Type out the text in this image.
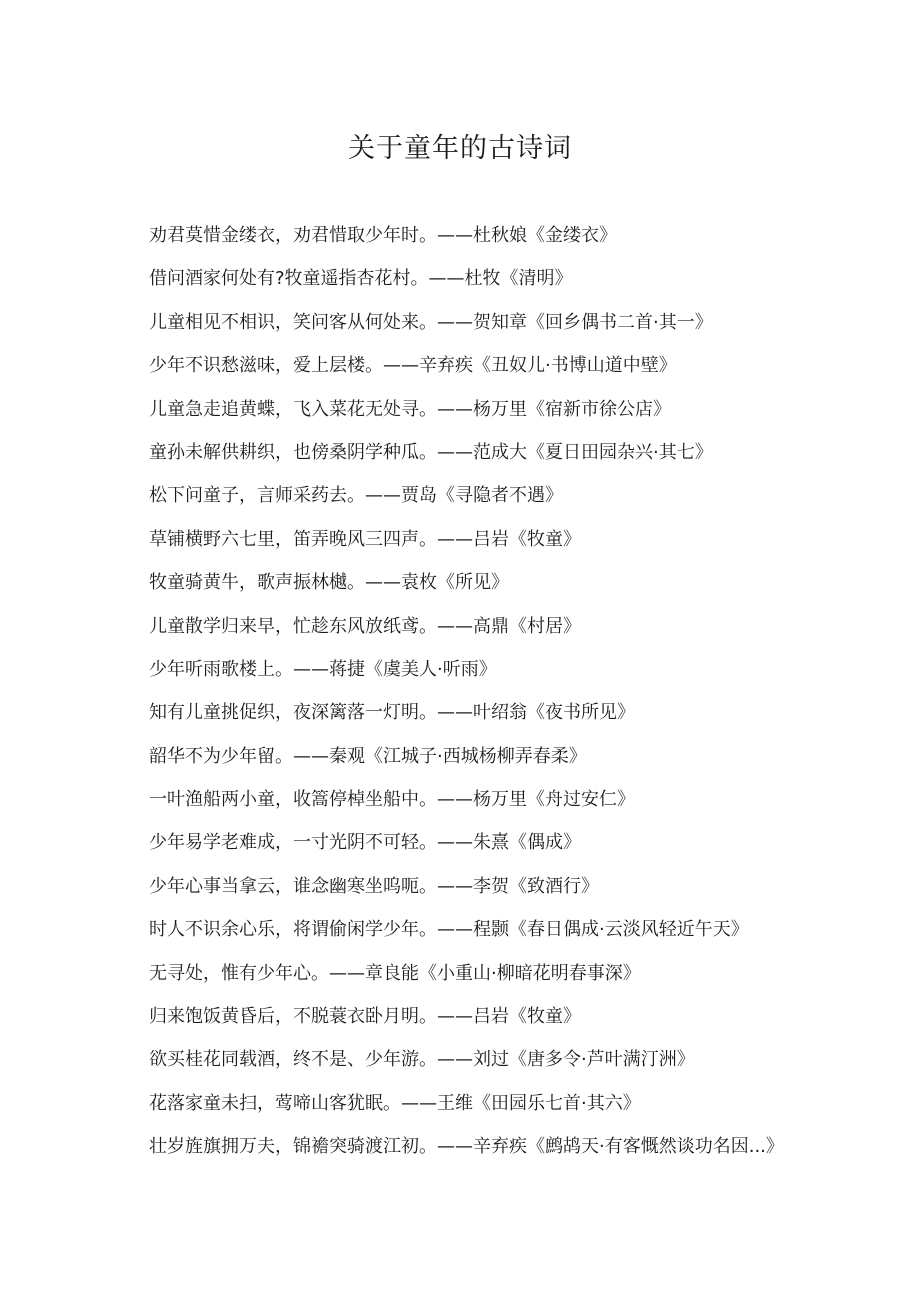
关于童年的古诗词
劝君莫惜金缕衣，劝君惜取少年时。——杜秋娘《金缕衣》
借问酒家何处有?牧童遥指杏花村。——杜牧《清明》
儿童相见不相识，笑问客从何处来。——贺知章《回乡偶书二首·其一》
少年不识愁滋味，爱上层楼。——辛弃疾《丑奴儿·书博山道中壁》
儿童急走追黄蝶，飞入菜花无处寻。——杨万里《宿新市徐公店》
童孙未解供耕织，也傍桑阴学种瓜。——范成大《夏日田园杂兴·其七》
松下问童子，言师采药去。——贾岛《寻隐者不遇》
草铺横野六七里，笛弄晚风三四声。——吕岩《牧童》
牧童骑黄牛，歌声振林樾。——袁枚《所见》
儿童散学归来早，忙趁东风放纸鸢。——高鼎《村居》
少年听雨歌楼上。——蒋捷《虞美人·听雨》
知有儿童挑促织，夜深篱落一灯明。——叶绍翁《夜书所见》
韶华不为少年留。——秦观《江城子·西城杨柳弄春柔》
一叶渔船两小童，收篙停棹坐船中。——杨万里《舟过安仁》
少年易学老难成，一寸光阴不可轻。——朱熹《偶成》
少年心事当拿云，谁念幽寒坐呜呃。——李贺《致酒行》
时人不识余心乐，将谓偷闲学少年。——程颢《春日偶成·云淡风轻近午天》
无寻处，惟有少年心。——章良能《小重山·柳暗花明春事深》
归来饱饭黄昏后，不脱蓑衣卧月明。——吕岩《牧童》
欲买桂花同载酒，终不是、少年游。——刘过《唐多令·芦叶满汀洲》
花落家童未扫，莺啼山客犹眠。——王维《田园乐七首·其六》
壮岁旌旗拥万夫，锦襜突骑渡江初。——辛弃疾《鹧鸪天·有客慨然谈功名因...》
